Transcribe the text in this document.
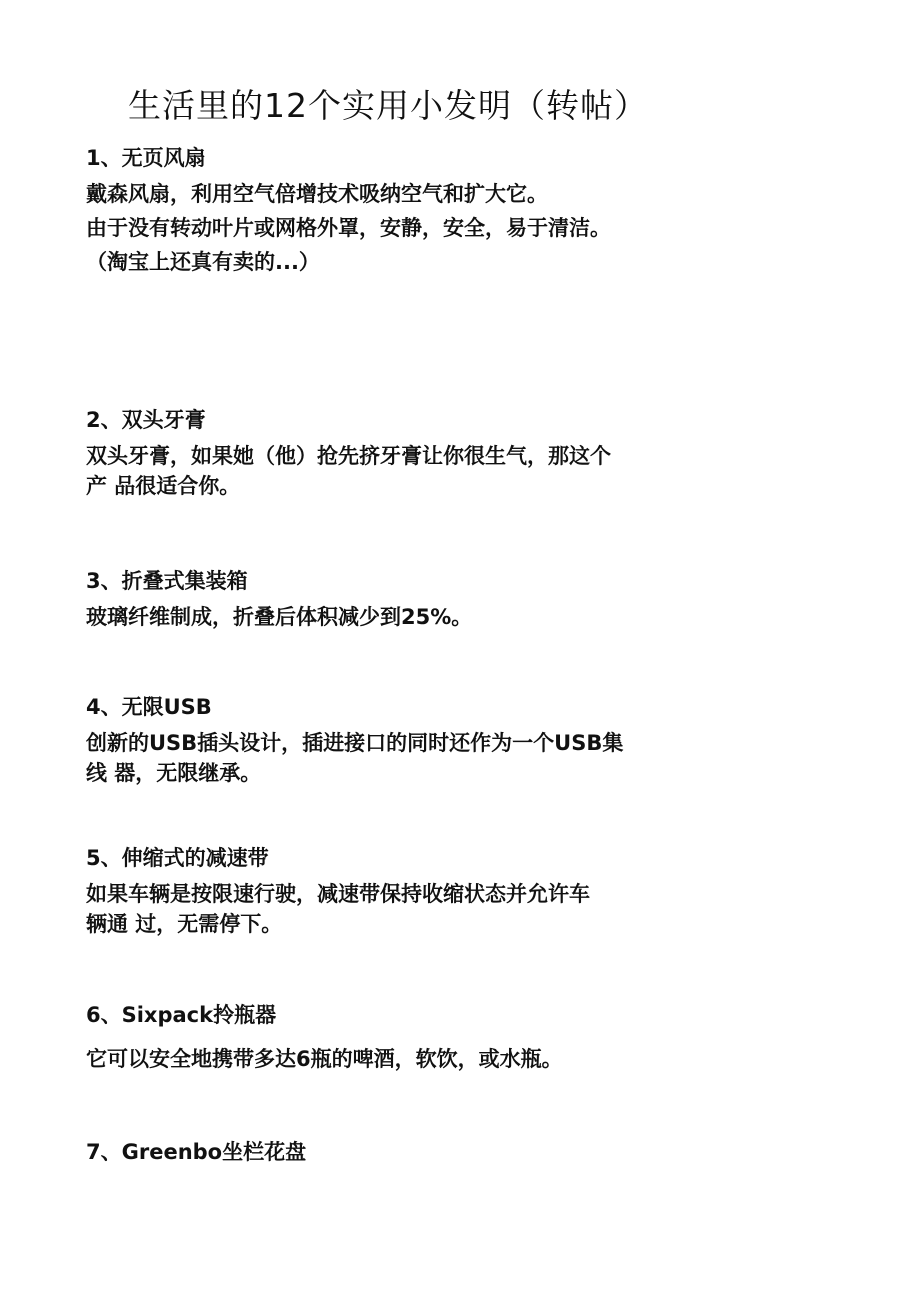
生活里的12个实用小发明（转帖）
1、无页风扇

戴森风扇，利用空气倍增技术吸纳空气和扩大它。

由于没有转动叶片或网格外罩，安静，安全，易于清洁。

（淘宝上还真有卖的...）

2、双头牙膏

双头牙膏，如果她（他）抢先挤牙膏让你很生气，那这个

产 品很适合你。

3、折叠式集装箱

玻璃纤维制成，折叠后体积减少到25%。

4、无限USB

创新的USB插头设计，插进接口的同时还作为一个USB集

线 器，无限继承。

5、伸缩式的减速带

如果车辆是按限速行驶，减速带保持收缩状态并允许车

辆通 过，无需停下。

6、Sixpack拎瓶器

它可以安全地携带多达6瓶的啤酒，软饮，或水瓶。

7、Greenbo坐栏花盘
